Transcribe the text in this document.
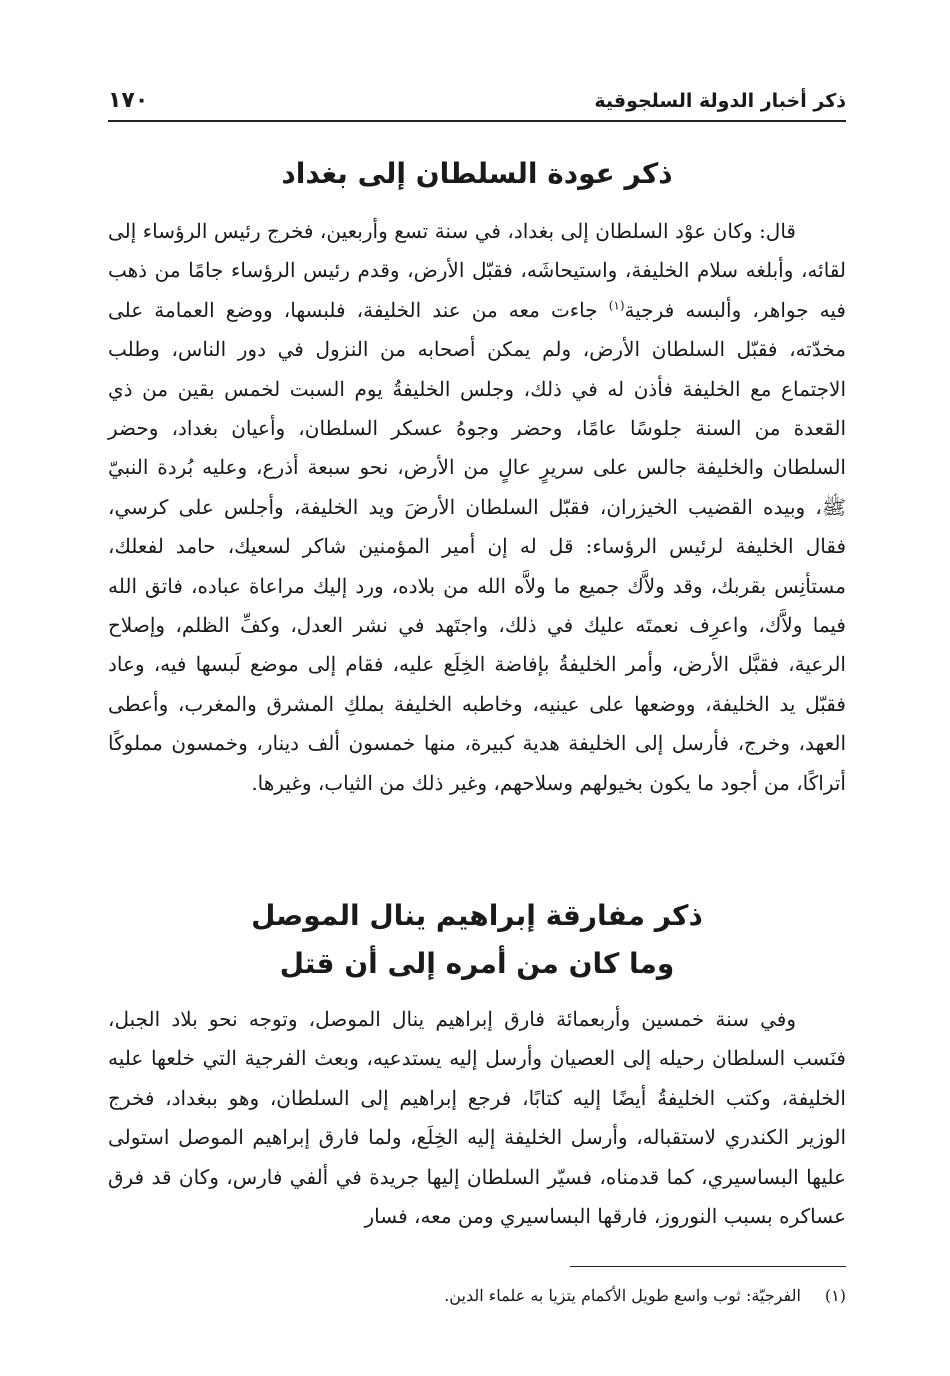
١٧٠	ذكر أخبار الدولة السلجوقية
ذكر عودة السلطان إلى بغداد

قال: وكان عوْد السلطان إلى بغداد، في سنة تسع وأربعين، فخرج رئيس الرؤساء إلى لقائه، وأبلغه سلام الخليفة، واستيحاشَه، فقبّل الأرض، وقدم رئيس الرؤساء جامًا من ذهب فيه جواهر، وألبسه فرجية$^{(١)}$ جاءت معه من عند الخليفة، فلبسها، ووضع العمامة على مخدّته، فقبّل السلطان الأرض، ولم يمكن أصحابه من النزول في دور الناس، وطلب الاجتماع مع الخليفة فأذن له في ذلك، وجلس الخليفةُ يوم السبت لخمس بقين من ذي القعدة من السنة جلوسًا عامًا، وحضر وجوهُ عسكر السلطان، وأعيان بغداد، وحضر السلطان والخليفة جالس على سريرٍ عالٍ من الأرض، نحو سبعة أذرع، وعليه بُردة النبيّ ﷺ، وبيده القضيب الخيزران، فقبّل السلطان الأرضَ ويد الخليفة، وأجلس على كرسي، فقال الخليفة لرئيس الرؤساء: قل له إن أمير المؤمنين شاكر لسعيك، حامد لفعلك، مستأنِس بقربك، وقد ولاَّك جميع ما ولاَّه الله من بلاده، ورد إليك مراعاة عباده، فاتق الله فيما ولاَّك، واعرِف نعمتَه عليك في ذلك، واجتَهد في نشر العدل، وكفِّ الظلم، وإصلاح الرعية، فقبَّل الأرض، وأمر الخليفةُ بإفاضة الخِلَع عليه، فقام إلى موضع لَبسها فيه، وعاد فقبّل يد الخليفة، ووضعها على عينيه، وخاطبه الخليفة بملكِ المشرق والمغرب، وأعطى العهد، وخرج، فأرسل إلى الخليفة هدية كبيرة، منها خمسون ألف دينار، وخمسون مملوكًا أتراكًا، من أجود ما يكون بخيولهم وسلاحهم، وغير ذلك من الثياب، وغيرها.

ذكر مفارقة إبراهيم ينال الموصل
وما كان من أمره إلى أن قتل

وفي سنة خمسين وأربعمائة فارق إبراهيم ينال الموصل، وتوجه نحو بلاد الجبل، فنَسب السلطان رحيله إلى العصيان وأرسل إليه يستدعيه، وبعث الفرجية التي خلعها عليه الخليفة، وكتب الخليفةُ أيضًا إليه كتابًا، فرجع إبراهيم إلى السلطان، وهو ببغداد، فخرج الوزير الكندري لاستقباله، وأرسل الخليفة إليه الخِلَع، ولما فارق إبراهيم الموصل استولى عليها البساسيري، كما قدمناه، فسيّر السلطان إليها جريدة في ألفي فارس، وكان قد فرق عساكره بسبب النوروز، فارقها البساسيري ومن معه، فسار

(١)الفرجيّة: ثوب واسع طويل الأكمام يتزيا به علماء الدين.
